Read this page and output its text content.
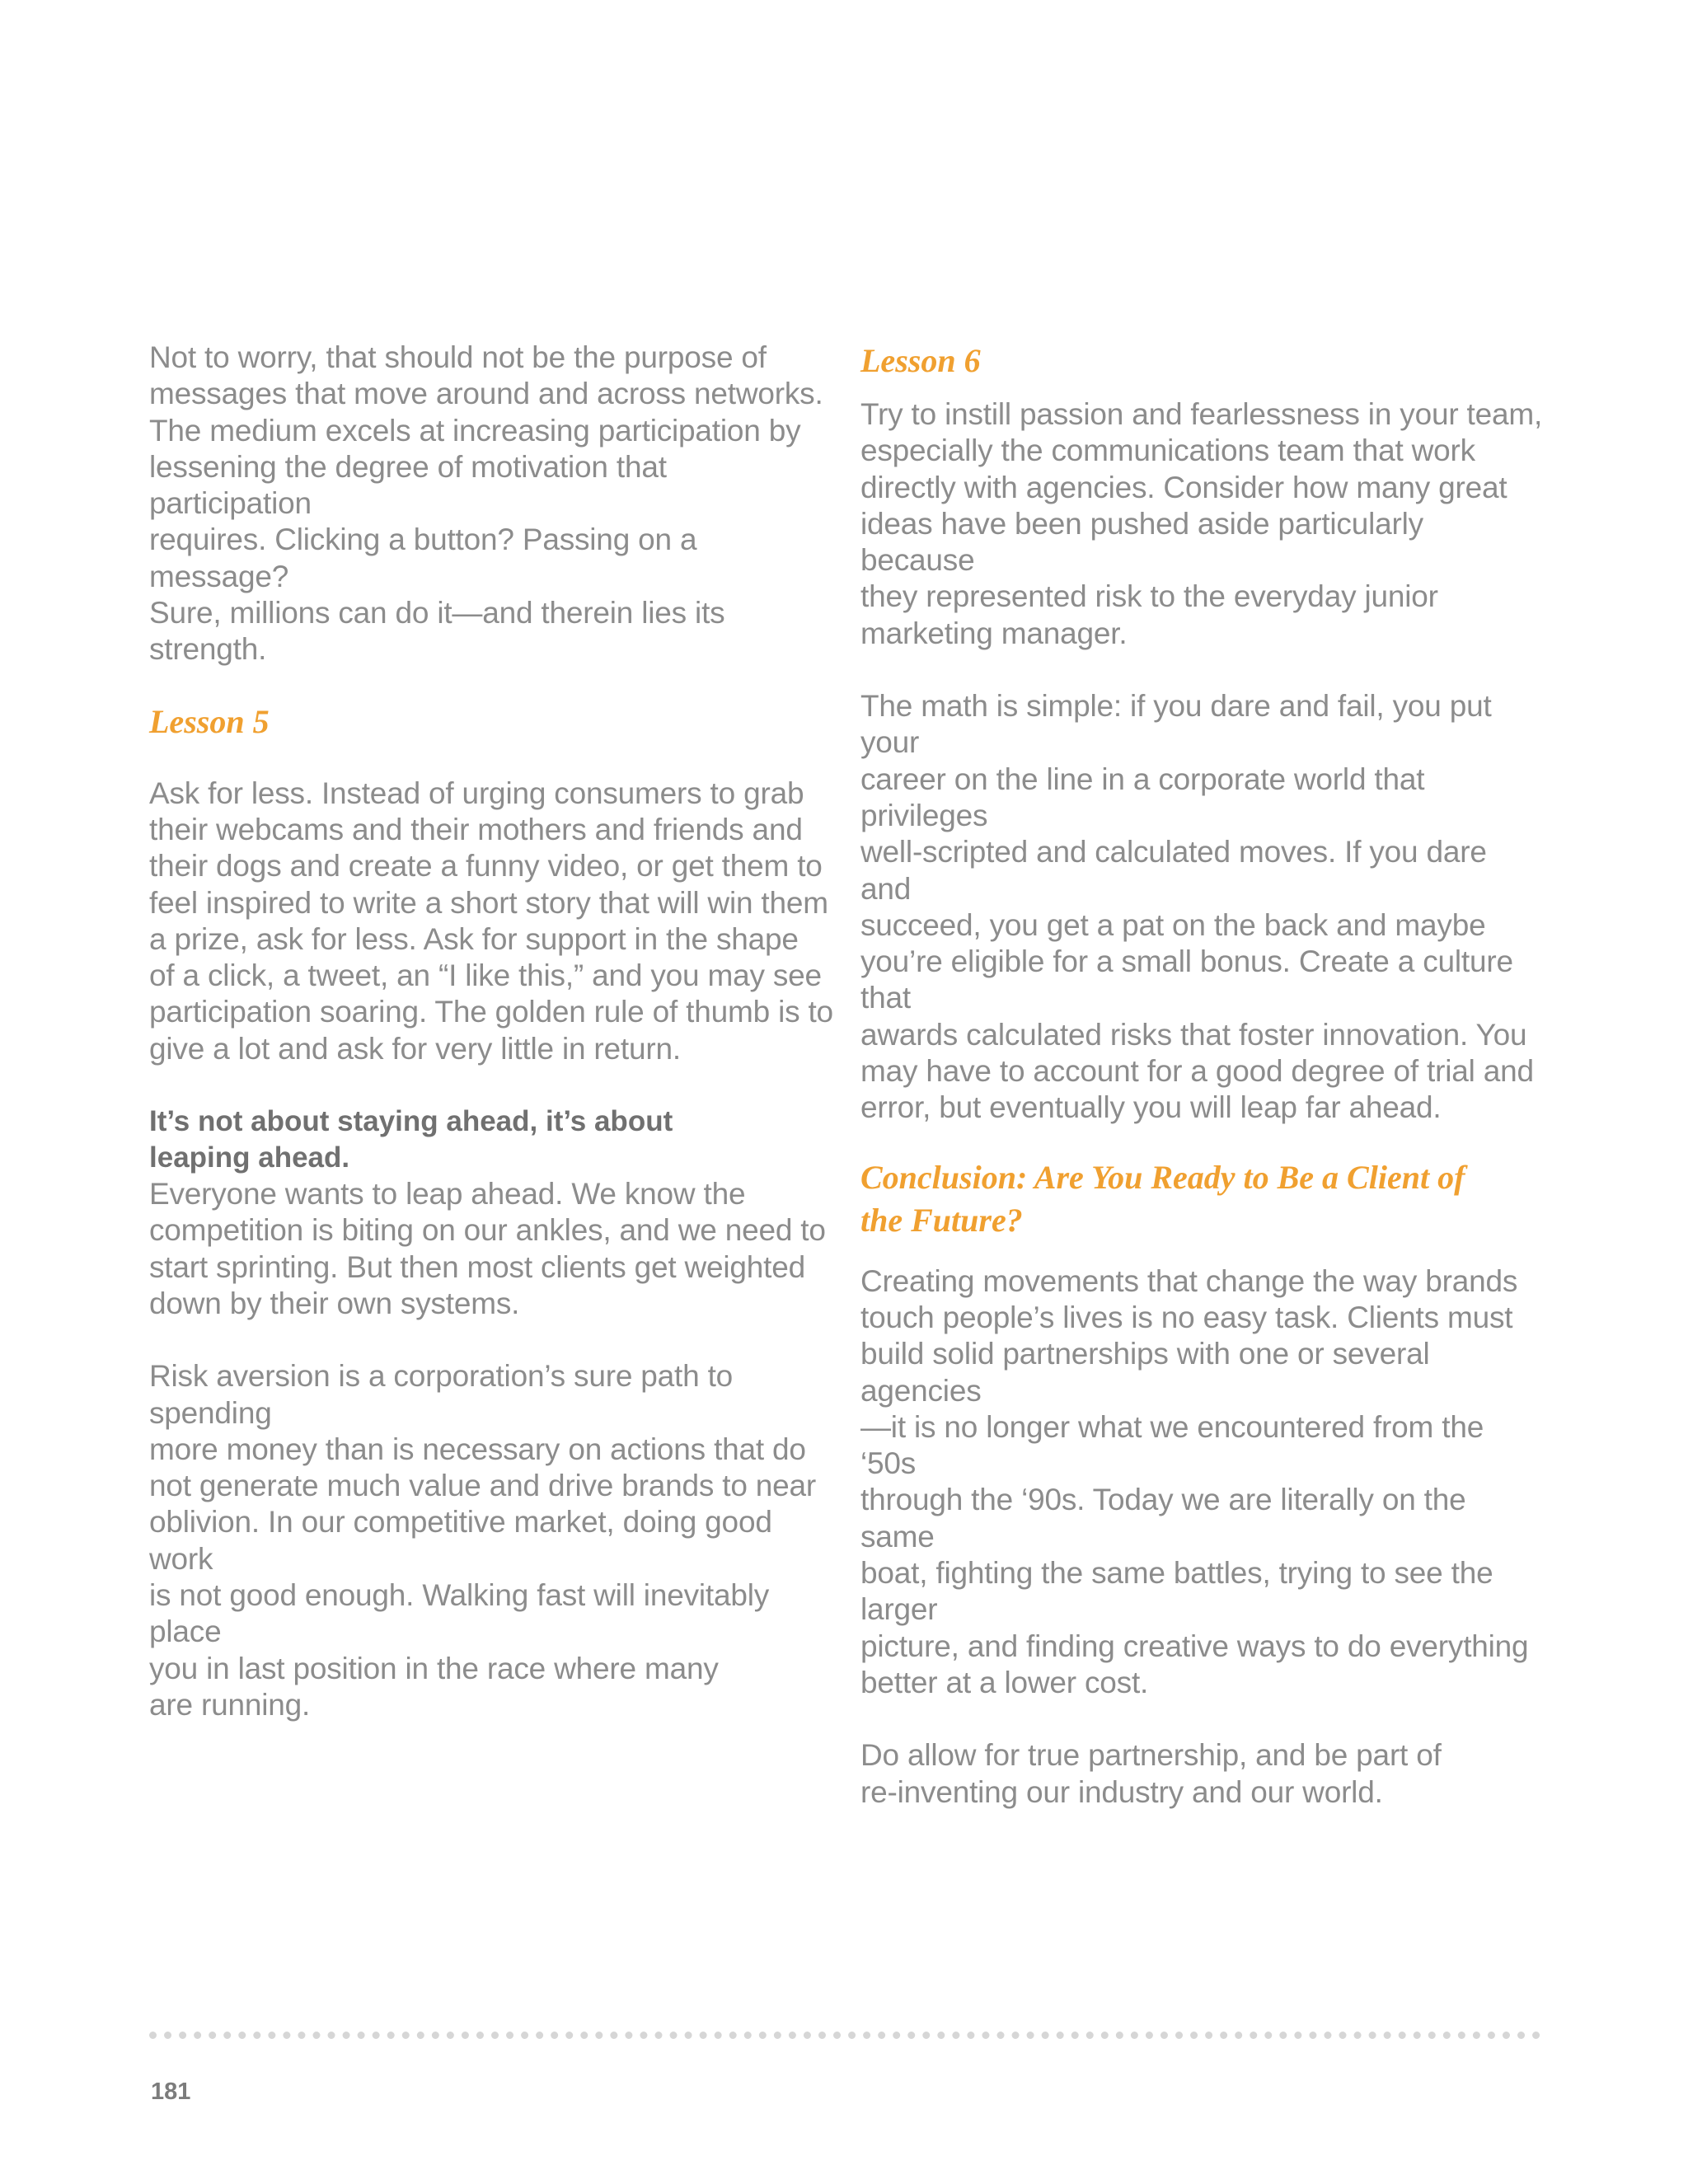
Not to worry, that should not be the purpose of
messages that move around and across networks.
The medium excels at increasing participation by
lessening the degree of motivation that participation
requires. Clicking a button? Passing on a message?
Sure, millions can do it—and therein lies its strength.

Lesson 5

Ask for less. Instead of urging consumers to grab
their webcams and their mothers and friends and
their dogs and create a funny video, or get them to
feel inspired to write a short story that will win them
a prize, ask for less. Ask for support in the shape
of a click, a tweet, an “I like this,” and you may see
participation soaring. The golden rule of thumb is to
give a lot and ask for very little in return.

It’s not about staying ahead, it’s about
leaping ahead.

Everyone wants to leap ahead. We know the
competition is biting on our ankles, and we need to
start sprinting. But then most clients get weighted
down by their own systems.

Risk aversion is a corporation’s sure path to spending
more money than is necessary on actions that do
not generate much value and drive brands to near
oblivion. In our competitive market, doing good work
is not good enough. Walking fast will inevitably place
you in last position in the race where many
are running.

Lesson 6

Try to instill passion and fearlessness in your team,
especially the communications team that work
directly with agencies. Consider how many great
ideas have been pushed aside particularly because
they represented risk to the everyday junior
marketing manager.

The math is simple: if you dare and fail, you put your
career on the line in a corporate world that privileges
well-scripted and calculated moves. If you dare and
succeed, you get a pat on the back and maybe
you’re eligible for a small bonus. Create a culture that
awards calculated risks that foster innovation. You
may have to account for a good degree of trial and
error, but eventually you will leap far ahead.

Conclusion: Are You Ready to Be a Client of
the Future?

Creating movements that change the way brands
touch people’s lives is no easy task. Clients must
build solid partnerships with one or several agencies
—it is no longer what we encountered from the ‘50s
through the ‘90s. Today we are literally on the same
boat, fighting the same battles, trying to see the larger
picture, and finding creative ways to do everything
better at a lower cost.

Do allow for true partnership, and be part of
re-inventing our industry and our world.

181
